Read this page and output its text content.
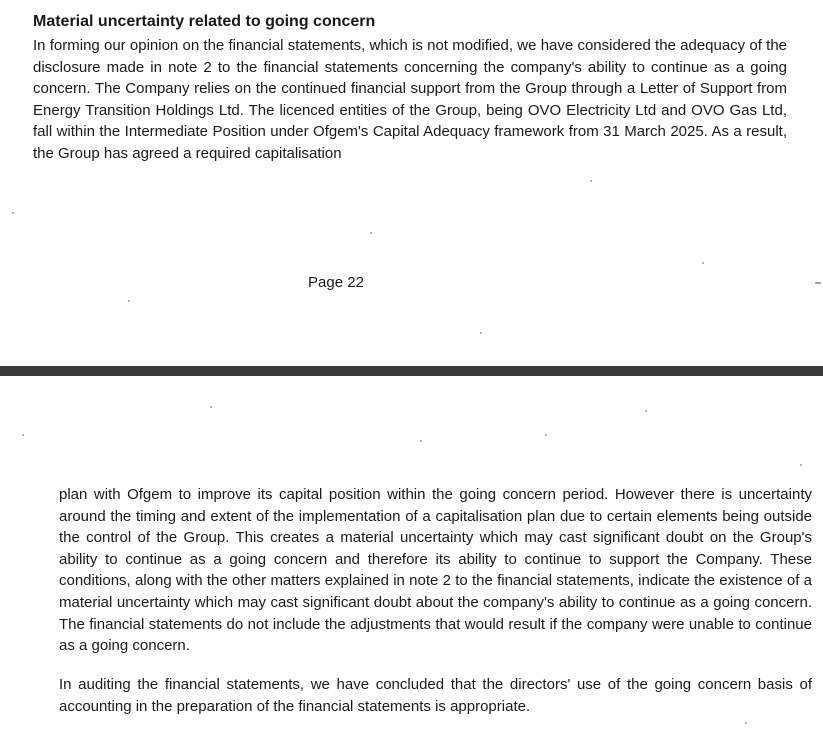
Material uncertainty related to going concern

In forming our opinion on the financial statements, which is not modified, we have considered the adequacy of the disclosure made in note 2 to the financial statements concerning the company's ability to continue as a going concern. The Company relies on the continued financial support from the Group through a Letter of Support from Energy Transition Holdings Ltd. The licenced entities of the Group, being OVO Electricity Ltd and OVO Gas Ltd, fall within the Intermediate Position under Ofgem's Capital Adequacy framework from 31 March 2025. As a result, the Group has agreed a required capitalisation

Page 22

plan with Ofgem to improve its capital position within the going concern period. However there is uncertainty around the timing and extent of the implementation of a capitalisation plan due to certain elements being outside the control of the Group. This creates a material uncertainty which may cast significant doubt on the Group's ability to continue as a going concern and therefore its ability to continue to support the Company. These conditions, along with the other matters explained in note 2 to the financial statements, indicate the existence of a material uncertainty which may cast significant doubt about the company's ability to continue as a going concern. The financial statements do not include the adjustments that would result if the company were unable to continue as a going concern.

In auditing the financial statements, we have concluded that the directors' use of the going concern basis of accounting in the preparation of the financial statements is appropriate.
